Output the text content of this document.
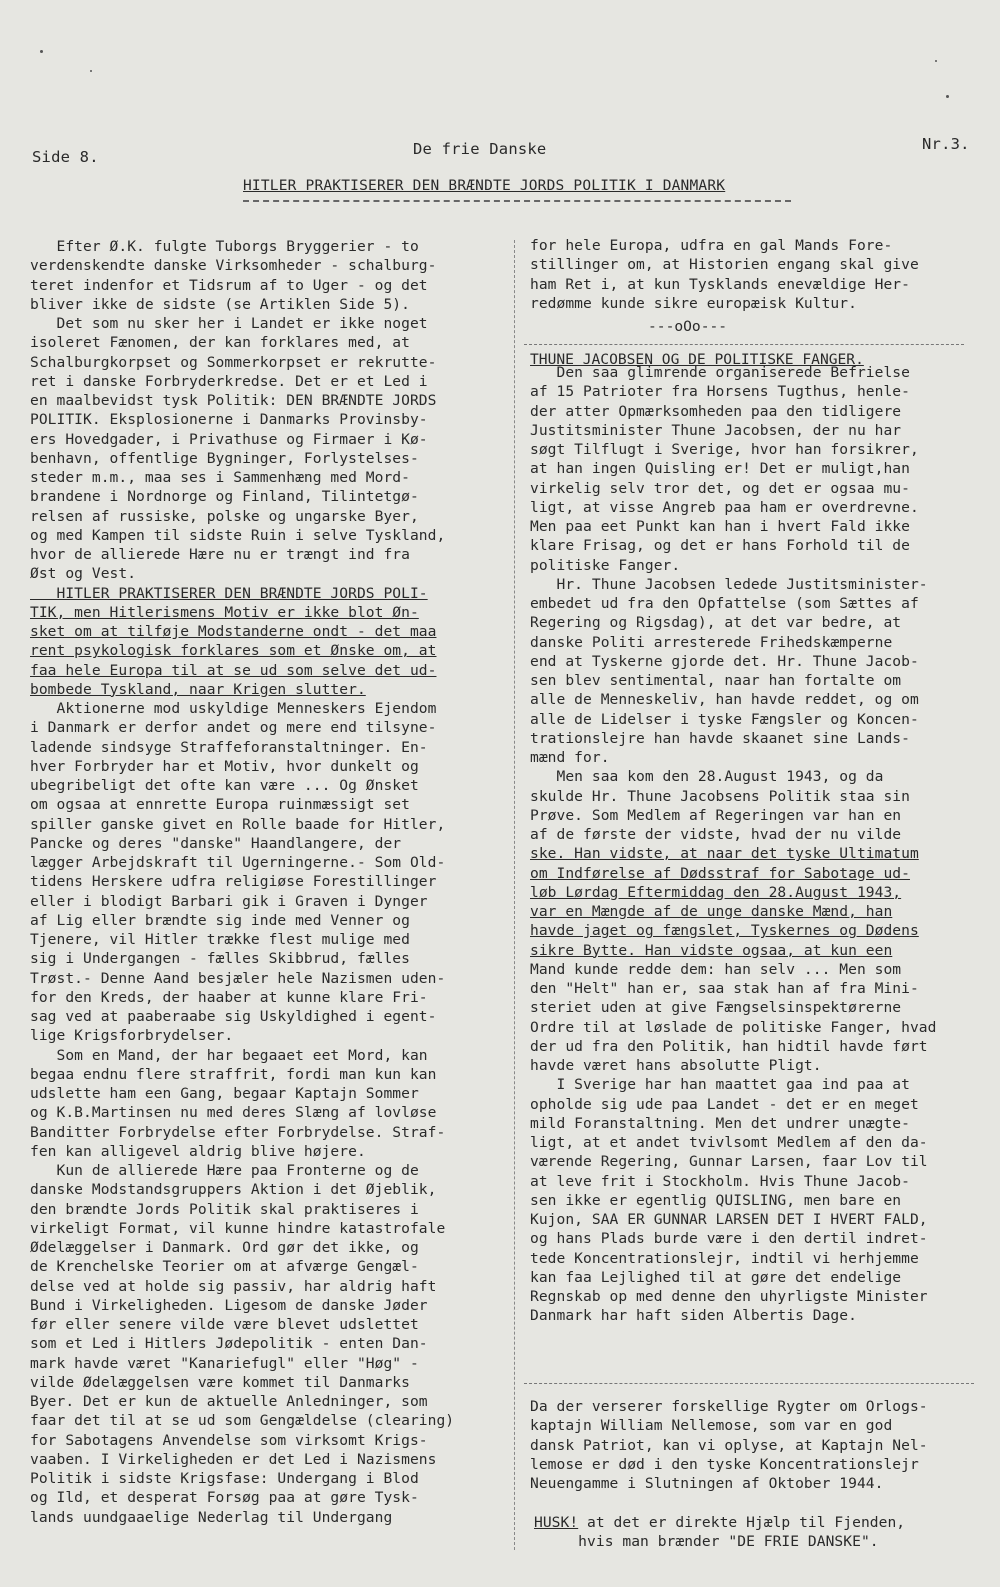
Side 8.	De frie Danske	Nr.3.
HITLER PRAKTISERER DEN BRÆNDTE JORDS POLITIK I DANMARK
Efter Ø.K. fulgte Tuborgs Bryggerier - to
verdenskendte danske Virksomheder - schalburg-
teret indenfor et Tidsrum af to Uger - og det
bliver ikke de sidste (se Artiklen Side 5).
Det som nu sker her i Landet er ikke noget
isoleret Fænomen, der kan forklares med, at
Schalburgkorpset og Sommerkorpset er rekrutte-
ret i danske Forbryderkredse. Det er et Led i
en maalbevidst tysk Politik: DEN BRÆNDTE JORDS
POLITIK. Eksplosionerne i Danmarks Provinsby-
ers Hovedgader, i Privathuse og Firmaer i Kø-
benhavn, offentlige Bygninger, Forlystelses-
steder m.m., maa ses i Sammenhæng med Mord-
brandene i Nordnorge og Finland, Tilintetgø-
relsen af russiske, polske og ungarske Byer,
og med Kampen til sidste Ruin i selve Tyskland,
hvor de allierede Hære nu er trængt ind fra
Øst og Vest.
HITLER PRAKTISERER DEN BRÆNDTE JORDS POLI-
TIK, men Hitlerismens Motiv er ikke blot Øn-
sket om at tilføje Modstanderne ondt - det maa
rent psykologisk forklares som et Ønske om, at
faa hele Europa til at se ud som selve det ud-
bombede Tyskland, naar Krigen slutter.
Aktionerne mod uskyldige Menneskers Ejendom
i Danmark er derfor andet og mere end tilsyne-
ladende sindsyge Straffeforanstaltninger. En-
hver Forbryder har et Motiv, hvor dunkelt og
ubegribeligt det ofte kan være ... Og Ønsket
om ogsaa at ennrette Europa ruinmæssigt set
spiller ganske givet en Rolle baade for Hitler,
Pancke og deres "danske" Haandlangere, der
lægger Arbejdskraft til Ugerningerne.- Som Old-
tidens Herskere udfra religiøse Forestillinger
eller i blodigt Barbari gik i Graven i Dynger
af Lig eller brændte sig inde med Venner og
Tjenere, vil Hitler trække flest mulige med
sig i Undergangen - fælles Skibbrud, fælles
Trøst.- Denne Aand besjæler hele Nazismen uden-
for den Kreds, der haaber at kunne klare Fri-
sag ved at paaberaabe sig Uskyldighed i egent-
lige Krigsforbrydelser.
Som en Mand, der har begaaet eet Mord, kan
begaa endnu flere straffrit, fordi man kun kan
udslette ham een Gang, begaar Kaptajn Sommer
og K.B.Martinsen nu med deres Slæng af lovløse
Banditter Forbrydelse efter Forbrydelse. Straf-
fen kan alligevel aldrig blive højere.
Kun de allierede Hære paa Fronterne og de
danske Modstandsgruppers Aktion i det Øjeblik,
den brændte Jords Politik skal praktiseres i
virkeligt Format, vil kunne hindre katastrofale
Ødelæggelser i Danmark. Ord gør det ikke, og
de Krenchelske Teorier om at afværge Gengæl-
delse ved at holde sig passiv, har aldrig haft
Bund i Virkeligheden. Ligesom de danske Jøder
før eller senere vilde være blevet udslettet
som et Led i Hitlers Jødepolitik - enten Dan-
mark havde været "Kanariefugl" eller "Høg" -
vilde Ødelæggelsen være kommet til Danmarks
Byer. Det er kun de aktuelle Anledninger, som
faar det til at se ud som Gengældelse (clearing)
for Sabotagens Anvendelse som virksomt Krigs-
vaaben. I Virkeligheden er det Led i Nazismens
Politik i sidste Krigsfase: Undergang i Blod
og Ild, et desperat Forsøg paa at gøre Tysk-
lands uundgaaelige Nederlag til Undergang
for hele Europa, udfra en gal Mands Fore-
stillinger om, at Historien engang skal give
ham Ret i, at kun Tysklands enevældige Her-
redømme kunde sikre europæisk Kultur.
---oOo---
THUNE JACOBSEN OG DE POLITISKE FANGER.
Den saa glimrende organiserede Befrielse
af 15 Patrioter fra Horsens Tugthus, henle-
der atter Opmærksomheden paa den tidligere
Justitsminister Thune Jacobsen, der nu har
søgt Tilflugt i Sverige, hvor han forsikrer,
at han ingen Quisling er! Det er muligt,han
virkelig selv tror det, og det er ogsaa mu-
ligt, at visse Angreb paa ham er overdrevne.
Men paa eet Punkt kan han i hvert Fald ikke
klare Frisag, og det er hans Forhold til de
politiske Fanger.
Hr. Thune Jacobsen ledede Justitsminister-
embedet ud fra den Opfattelse (som Sættes af
Regering og Rigsdag), at det var bedre, at
danske Politi arresterede Frihedskæmperne
end at Tyskerne gjorde det. Hr. Thune Jacob-
sen blev sentimental, naar han fortalte om
alle de Menneskeliv, han havde reddet, og om
alle de Lidelser i tyske Fængsler og Koncen-
trationslejre han havde skaanet sine Lands-
mænd for.
Men saa kom den 28.August 1943, og da
skulde Hr. Thune Jacobsens Politik staa sin
Prøve. Som Medlem af Regeringen var han en
af de første der vidste, hvad der nu vilde
ske. Han vidste, at naar det tyske Ultimatum
om Indførelse af Dødsstraf for Sabotage ud-
løb Lørdag Eftermiddag den 28.August 1943,
var en Mængde af de unge danske Mænd, han
havde jaget og fængslet, Tyskernes og Dødens
sikre Bytte. Han vidste ogsaa, at kun een
Mand kunde redde dem: han selv ... Men som
den "Helt" han er, saa stak han af fra Mini-
steriet uden at give Fængselsinspektørerne
Ordre til at løslade de politiske Fanger, hvad
der ud fra den Politik, han hidtil havde ført
havde været hans absolutte Pligt.
I Sverige har han maattet gaa ind paa at
opholde sig ude paa Landet - det er en meget
mild Foranstaltning. Men det undrer unægte-
ligt, at et andet tvivlsomt Medlem af den da-
værende Regering, Gunnar Larsen, faar Lov til
at leve frit i Stockholm. Hvis Thune Jacob-
sen ikke er egentlig QUISLING, men bare en
Kujon, SAA ER GUNNAR LARSEN DET I HVERT FALD,
og hans Plads burde være i den dertil indret-
tede Koncentrationslejr, indtil vi herhjemme
kan faa Lejlighed til at gøre det endelige
Regnskab op med denne den uhyrligste Minister
Danmark har haft siden Albertis Dage.
Da der verserer forskellige Rygter om Orlogs-
kaptajn William Nellemose, som var en god
dansk Patriot, kan vi oplyse, at Kaptajn Nel-
lemose er død i den tyske Koncentrationslejr
Neuengamme i Slutningen af Oktober 1944.
HUSK! at det er direkte Hjælp til Fjenden,
hvis man brænder "DE FRIE DANSKE".
